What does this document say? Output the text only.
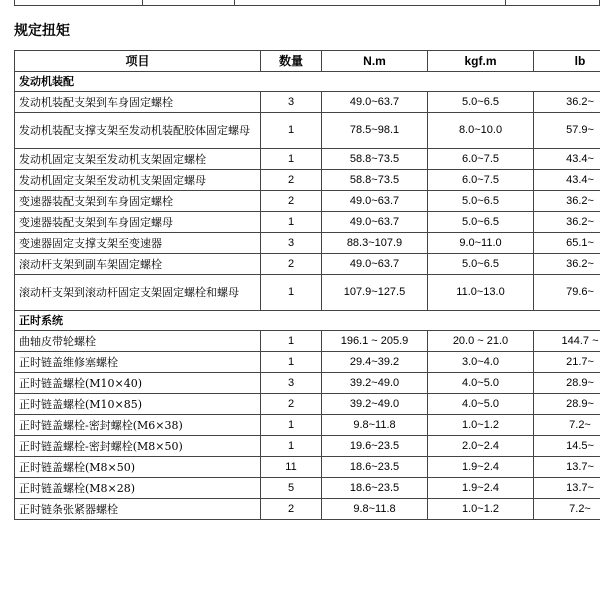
规定扭矩
项目	数量	N.m	kgf.m	lb
发动机装配				
发动机装配支架到车身固定螺栓	3	49.0~63.7	5.0~6.5	36.2~
发动机装配支撑支架至发动机装配胶体固定螺母	1	78.5~98.1	8.0~10.0	57.9~
发动机固定支架至发动机支架固定螺栓	1	58.8~73.5	6.0~7.5	43.4~
发动机固定支架至发动机支架固定螺母	2	58.8~73.5	6.0~7.5	43.4~
变速器装配支架到车身固定螺栓	2	49.0~63.7	5.0~6.5	36.2~
变速器装配支架到车身固定螺母	1	49.0~63.7	5.0~6.5	36.2~
变速器固定支撑支架至变速器	3	88.3~107.9	9.0~11.0	65.1~
滚动杆支架到副车架固定螺栓	2	49.0~63.7	5.0~6.5	36.2~
滚动杆支架到滚动杆固定支架固定螺栓和螺母	1	107.9~127.5	11.0~13.0	79.6~
正时系统				
曲轴皮带轮螺栓	1	196.1 ~ 205.9	20.0 ~ 21.0	144.7 ~
正时链盖维修塞螺栓	1	29.4~39.2	3.0~4.0	21.7~
正时链盖螺栓(M10×40)	3	39.2~49.0	4.0~5.0	28.9~
正时链盖螺栓(M10×85)	2	39.2~49.0	4.0~5.0	28.9~
正时链盖螺栓-密封螺栓(M6×38)	1	9.8~11.8	1.0~1.2	7.2~
正时链盖螺栓-密封螺栓(M8×50)	1	19.6~23.5	2.0~2.4	14.5~
正时链盖螺栓(M8×50)	11	18.6~23.5	1.9~2.4	13.7~
正时链盖螺栓(M8×28)	5	18.6~23.5	1.9~2.4	13.7~
正时链条张紧器螺栓	2	9.8~11.8	1.0~1.2	7.2~
